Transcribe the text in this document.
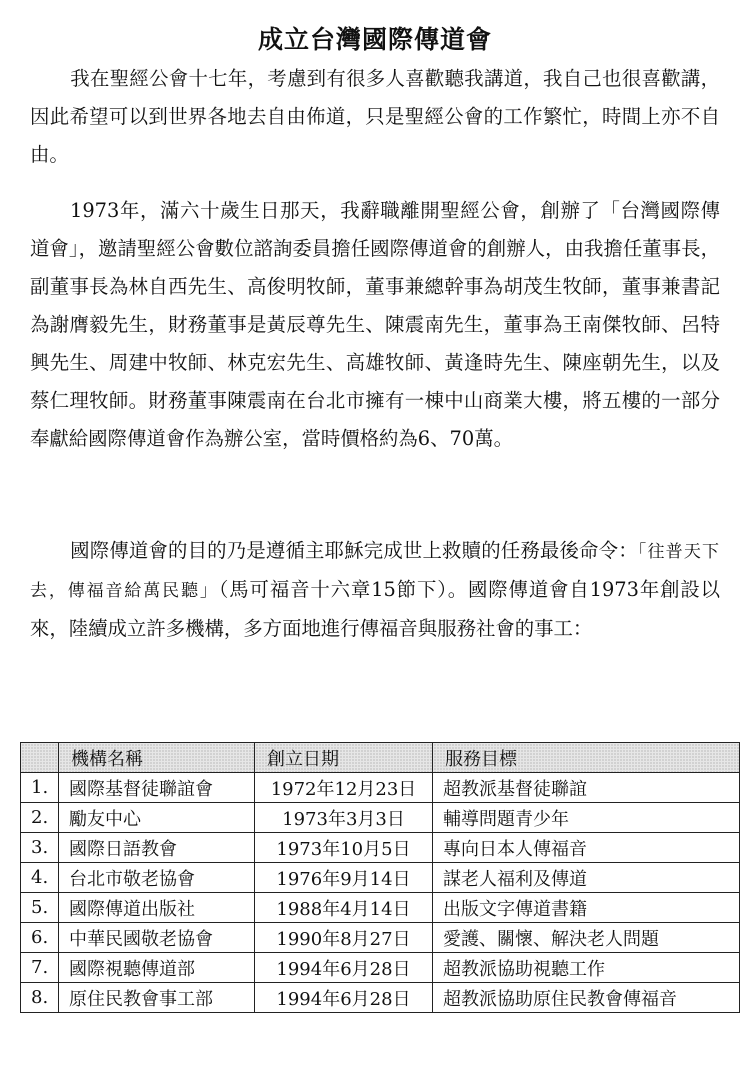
成立台灣國際傳道會

我在聖經公會十七年，考慮到有很多人喜歡聽我講道，我自己也很喜歡講，因此希望可以到世界各地去自由佈道，只是聖經公會的工作繁忙，時間上亦不自由。

1973年，滿六十歲生日那天，我辭職離開聖經公會，創辦了「台灣國際傳道會」，邀請聖經公會數位諮詢委員擔任國際傳道會的創辦人，由我擔任董事長，副董事長為林自西先生、高俊明牧師，董事兼總幹事為胡茂生牧師，董事兼書記為謝膺毅先生，財務董事是黃辰尊先生、陳震南先生，董事為王南傑牧師、呂特興先生、周建中牧師、林克宏先生、高雄牧師、黃逢時先生、陳座朝先生，以及蔡仁理牧師。財務董事陳震南在台北市擁有一棟中山商業大樓，將五樓的一部分奉獻給國際傳道會作為辦公室，當時價格約為6、70萬。

國際傳道會的目的乃是遵循主耶穌完成世上救贖的任務最後命令：「往普天下去，傳福音給萬民聽」（馬可福音十六章15節下）。國際傳道會自1973年創設以來，陸續成立許多機構，多方面地進行傳福音與服務社會的事工：

	機構名稱	創立日期	服務目標
1.	國際基督徒聯誼會	1972年12月23日	超教派基督徒聯誼
2.	勵友中心	1973年3月3日	輔導問題青少年
3.	國際日語教會	1973年10月5日	專向日本人傳福音
4.	台北市敬老協會	1976年9月14日	謀老人福利及傳道
5.	國際傳道出版社	1988年4月14日	出版文字傳道書籍
6.	中華民國敬老協會	1990年8月27日	愛護、關懷、解決老人問題
7.	國際視聽傳道部	1994年6月28日	超教派協助視聽工作
8.	原住民教會事工部	1994年6月28日	超教派協助原住民教會傳福音
